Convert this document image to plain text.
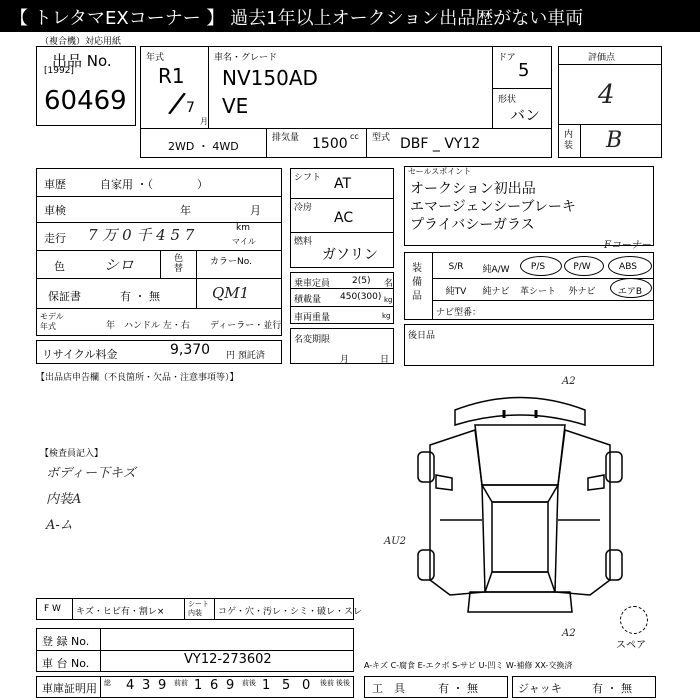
【 トレタマEXコーナー 】 過去1年以上オークション出品歴がない車両
（複合機）対応用紙
出品 No.
[1992]
60469
年式
R1
/
7
月
車名・グレード
NV150AD
VE
ドア
5
形状
バン
2WD ・ 4WD
排気量 1500 cc 型式 DBF _ VY12
評価点
4
内装 B
車歴	自家用 ・（　　　　）
車検	年	月
走行 7 万 0 千 4 5 7	km
マイル
色	シロ	色替
カラーNo.
QM1
保証書	有 ・ 無
モデル年式	年 ハンドル 左・右 ディーラー・並行
リサイクル料金	9,370 円 預託済
シフト AT
冷房
AC
燃料
ガソリン
乗車定員 2(5) 名
積載量 450(300) kg
車両重量	kg
名変期限
月	日
セールスポイント
オークション初出品
エマージェンシーブレーキ
プライバシーガラス
Fコーナー
装備品
S/R	純A/W	P/S	P/W	ABS
純TV	純ナビ	革シート	外ナビ	エアB
ナビ型番：
後日品
【出品店申告欄（不良箇所・欠品・注意事項等）】
【検査員記入】
ボディー下キズ
内装A
A-ム
A2
AU2
A2
スペア
A-キズ C-腐食 E-エクボ S-サビ U-凹ミ W-補修 XX-交換済
F W キズ・ヒビ有・割レ×
シート内装	コゲ・穴・汚レ・シミ・破レ・スレ
登 録 No.
車 台 No.	VY12-273602
車庫証明用 総 4 3 9 前前 1 6 9 前後 1 5 0 後前 後後 工　具	有 ・ 無	ジャッキ	有 ・ 無
